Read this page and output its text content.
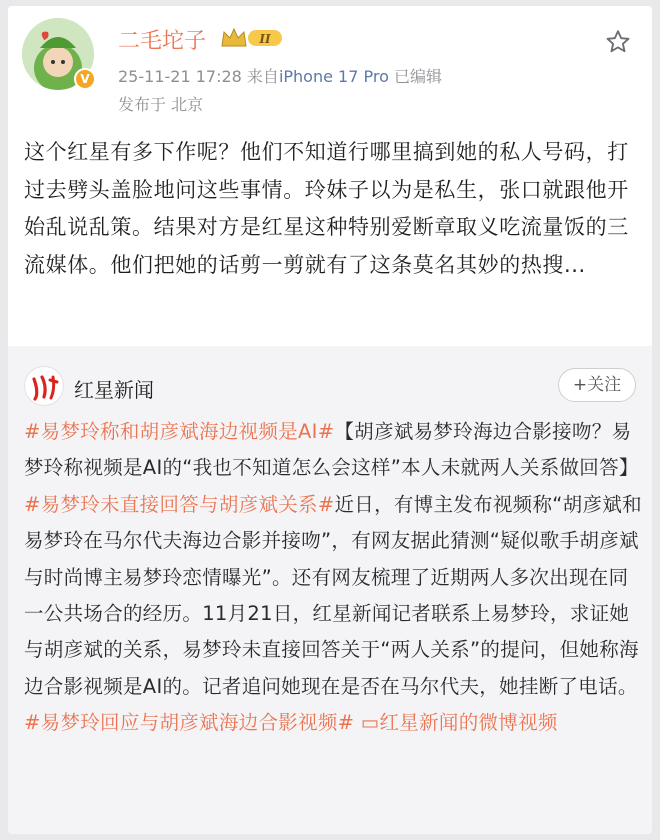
V
二毛坨子	II
25-11-21 17:28 来自iPhone 17 Pro 已编辑
发布于 北京
这个红星有多下作呢？他们不知道行哪里搞到她的私人号码，打过去劈头盖脸地问这些事情。玲妹子以为是私生，张口就跟他开始乱说乱策。结果对方是红星这种特别爱断章取义吃流量饭的三流媒体。他们把她的话剪一剪就有了这条莫名其妙的热搜...
红星新闻	+关注
#易梦玲称和胡彦斌海边视频是AI#【胡彦斌易梦玲海边合影接吻？易梦玲称视频是AI的“我也不知道怎么会这样”本人未就两人关系做回答】#易梦玲未直接回答与胡彦斌关系#近日，有博主发布视频称“胡彦斌和易梦玲在马尔代夫海边合影并接吻”，有网友据此猜测“疑似歌手胡彦斌与时尚博主易梦玲恋情曝光”。还有网友梳理了近期两人多次出现在同一公共场合的经历。11月21日，红星新闻记者联系上易梦玲，求证她与胡彦斌的关系，易梦玲未直接回答关于“两人关系”的提问，但她称海边合影视频是AI的。记者追问她现在是否在马尔代夫，她挂断了电话。 #易梦玲回应与胡彦斌海边合影视频# ▭红星新闻的微博视频
